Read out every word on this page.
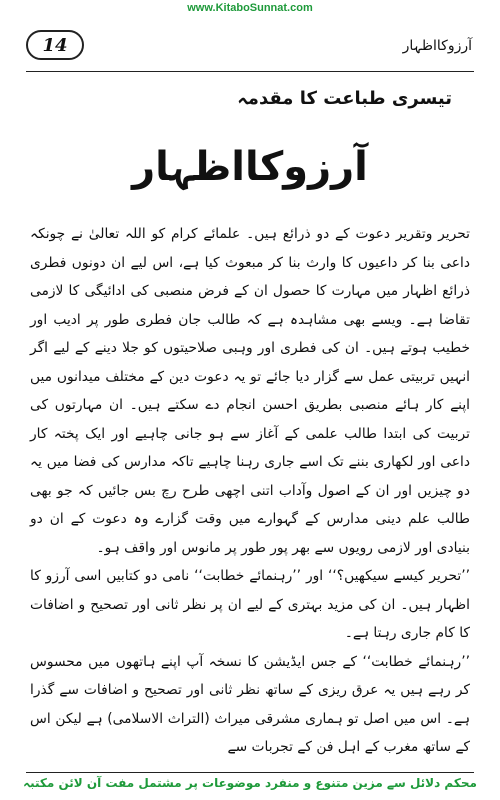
www.KitaboSunnat.com
14	آرزوکااظہار
تیسری طباعت کا مقدمہ
آرزوکااظہار

تحریر وتقریر دعوت کے دو ذرائع ہیں۔ علمائے کرام کو اللہ تعالیٰ نے چونکہ داعی بنا کر داعیوں کا وارث بنا کر مبعوث کیا ہے، اس لیے ان دونوں فطری ذرائع اظہار میں مہارت کا حصول ان کے فرض منصبی کی ادائیگی کا لازمی تقاضا ہے۔ ویسے بھی مشاہدہ ہے کہ طالب جان فطری طور پر ادیب اور خطیب ہوتے ہیں۔ ان کی فطری اور وہبی صلاحیتوں کو جلا دینے کے لیے اگر انہیں تربیتی عمل سے گزار دیا جائے تو یہ دعوت دین کے مختلف میدانوں میں اپنے کار ہائے منصبی بطریق احسن انجام دے سکتے ہیں۔ ان مہارتوں کی تربیت کی ابتدا طالب علمی کے آغاز سے ہو جانی چاہیے اور ایک پختہ کار داعی اور لکھاری بننے تک اسے جاری رہنا چاہیے تاکہ مدارس کی فضا میں یہ دو چیزیں اور ان کے اصول وآداب اتنی اچھی طرح رچ بس جائیں کہ جو بھی طالب علم دینی مدارس کے گہوارے میں وقت گزارے وہ دعوت کے ان دو بنیادی اور لازمی رویوں سے بھر پور طور پر مانوس اور واقف ہو۔

’’تحریر کیسے سیکھیں؟‘‘ اور ’’رہنمائے خطابت‘‘ نامی دو کتابیں اسی آرزو کا اظہار ہیں۔ ان کی مزید بہتری کے لیے ان پر نظر ثانی اور تصحیح و اضافات کا کام جاری رہتا ہے۔

’’رہنمائے خطابت‘‘ کے جس ایڈیشن کا نسخہ آپ اپنے ہاتھوں میں محسوس کر رہے ہیں یہ عرق ریزی کے ساتھ نظر ثانی اور تصحیح و اضافات سے گذرا ہے۔ اس میں اصل تو ہماری مشرقی میراث (التراث الاسلامی) ہے لیکن اس کے ساتھ مغرب کے اہل فن کے تجربات سے

محکم دلائل سے مزین متنوع و منفرد موضوعات پر مشتمل مفت آن لائن مکتبہ
